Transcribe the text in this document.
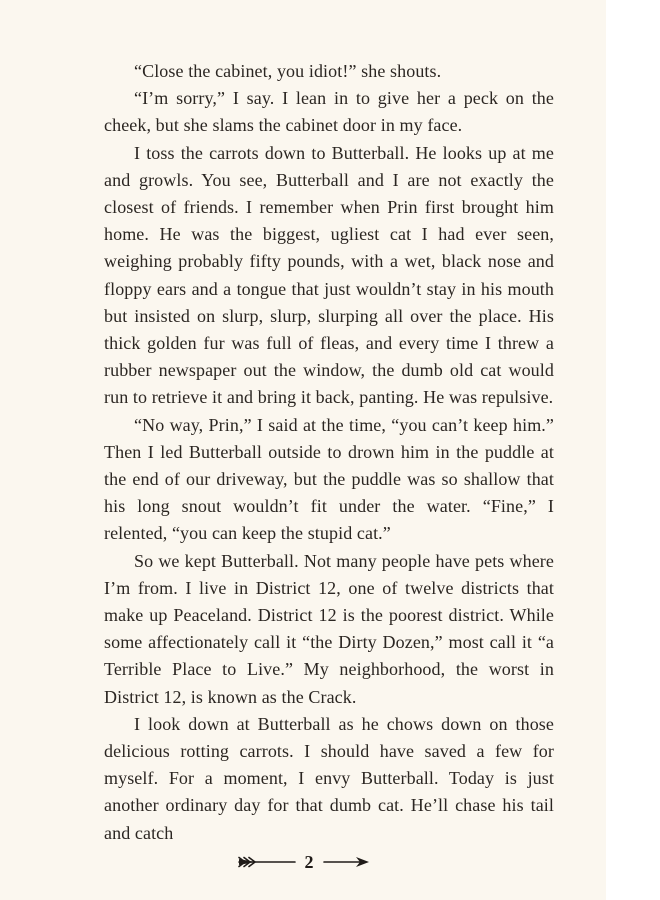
“Close the cabinet, you idiot!” she shouts.

“I’m sorry,” I say. I lean in to give her a peck on the cheek, but she slams the cabinet door in my face.

I toss the carrots down to Butterball. He looks up at me and growls. You see, Butterball and I are not exactly the closest of friends. I remember when Prin first brought him home. He was the biggest, ugliest cat I had ever seen, weighing probably fifty pounds, with a wet, black nose and floppy ears and a tongue that just wouldn’t stay in his mouth but insisted on slurp, slurp, slurping all over the place. His thick golden fur was full of fleas, and every time I threw a rubber newspaper out the window, the dumb old cat would run to retrieve it and bring it back, panting. He was repulsive.

“No way, Prin,” I said at the time, “you can’t keep him.” Then I led Butterball outside to drown him in the puddle at the end of our driveway, but the puddle was so shallow that his long snout wouldn’t fit under the water. “Fine,” I relented, “you can keep the stupid cat.”

So we kept Butterball. Not many people have pets where I’m from. I live in District 12, one of twelve districts that make up Peaceland. District 12 is the poorest district. While some affectionately call it “the Dirty Dozen,” most call it “a Terrible Place to Live.” My neighborhood, the worst in District 12, is known as the Crack.

I look down at Butterball as he chows down on those delicious rotting carrots. I should have saved a few for myself. For a moment, I envy Butterball. Today is just another ordinary day for that dumb cat. He’ll chase his tail and catch

2
